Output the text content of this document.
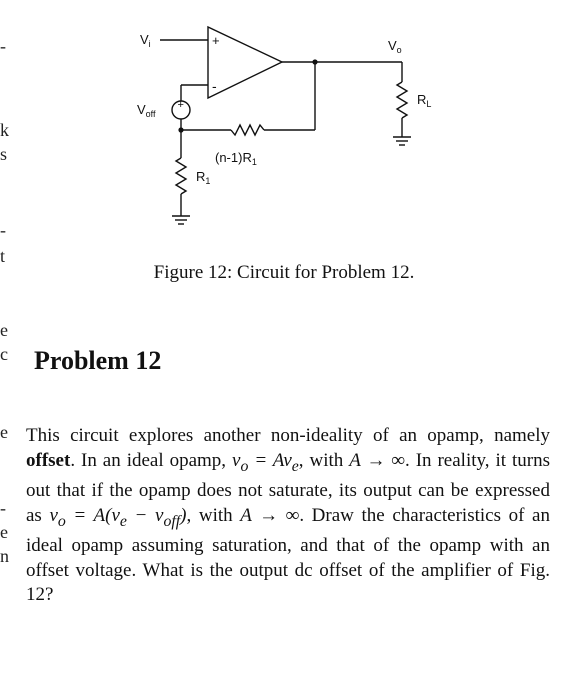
+
-
+
$V_i$	$V_o$
$V_{off}$
$R_L$
$(n-1)R_1$
$R_1$
Figure 12: Circuit for Problem 12.
Problem 12

This circuit explores another non-ideality of an opamp, namely offset. In an ideal opamp, $v_o = Av_e$, with A → ∞. In reality, it turns out that if the opamp does not saturate, its output can be expressed as $v_o = A(v_e - v_{off})$, with A → ∞. Draw the characteristics of an ideal opamp assuming saturation, and that of the opamp with an offset voltage. What is the output dc offset of the amplifier of Fig. 12?

-
k
s
-
t
e
c
e
-
e
n
